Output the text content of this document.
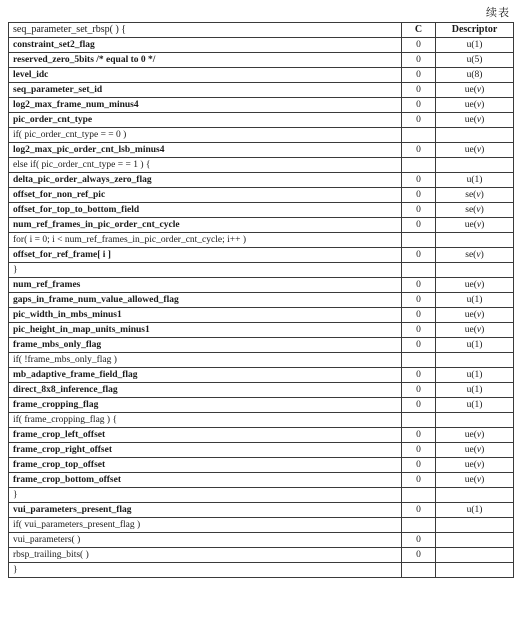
续表
seq_parameter_set_rbsp( ) {	C	Descriptor
constraint_set2_flag	0	u(1)
reserved_zero_5bits /* equal to 0 */	0	u(5)
level_idc	0	u(8)
seq_parameter_set_id	0	ue(v)
log2_max_frame_num_minus4	0	ue(v)
pic_order_cnt_type	0	ue(v)
if( pic_order_cnt_type = = 0 )		
log2_max_pic_order_cnt_lsb_minus4	0	ue(v)
else if( pic_order_cnt_type = = 1 ) {		
delta_pic_order_always_zero_flag	0	u(1)
offset_for_non_ref_pic	0	se(v)
offset_for_top_to_bottom_field	0	se(v)
num_ref_frames_in_pic_order_cnt_cycle	0	ue(v)
for( i = 0; i < num_ref_frames_in_pic_order_cnt_cycle; i++ )		
offset_for_ref_frame[ i ]	0	se(v)
}		
num_ref_frames	0	ue(v)
gaps_in_frame_num_value_allowed_flag	0	u(1)
pic_width_in_mbs_minus1	0	ue(v)
pic_height_in_map_units_minus1	0	ue(v)
frame_mbs_only_flag	0	u(1)
if( !frame_mbs_only_flag )		
mb_adaptive_frame_field_flag	0	u(1)
direct_8x8_inference_flag	0	u(1)
frame_cropping_flag	0	u(1)
if( frame_cropping_flag ) {		
frame_crop_left_offset	0	ue(v)
frame_crop_right_offset	0	ue(v)
frame_crop_top_offset	0	ue(v)
frame_crop_bottom_offset	0	ue(v)
}		
vui_parameters_present_flag	0	u(1)
if( vui_parameters_present_flag )		
vui_parameters( )	0	
rbsp_trailing_bits( )	0	
}		
